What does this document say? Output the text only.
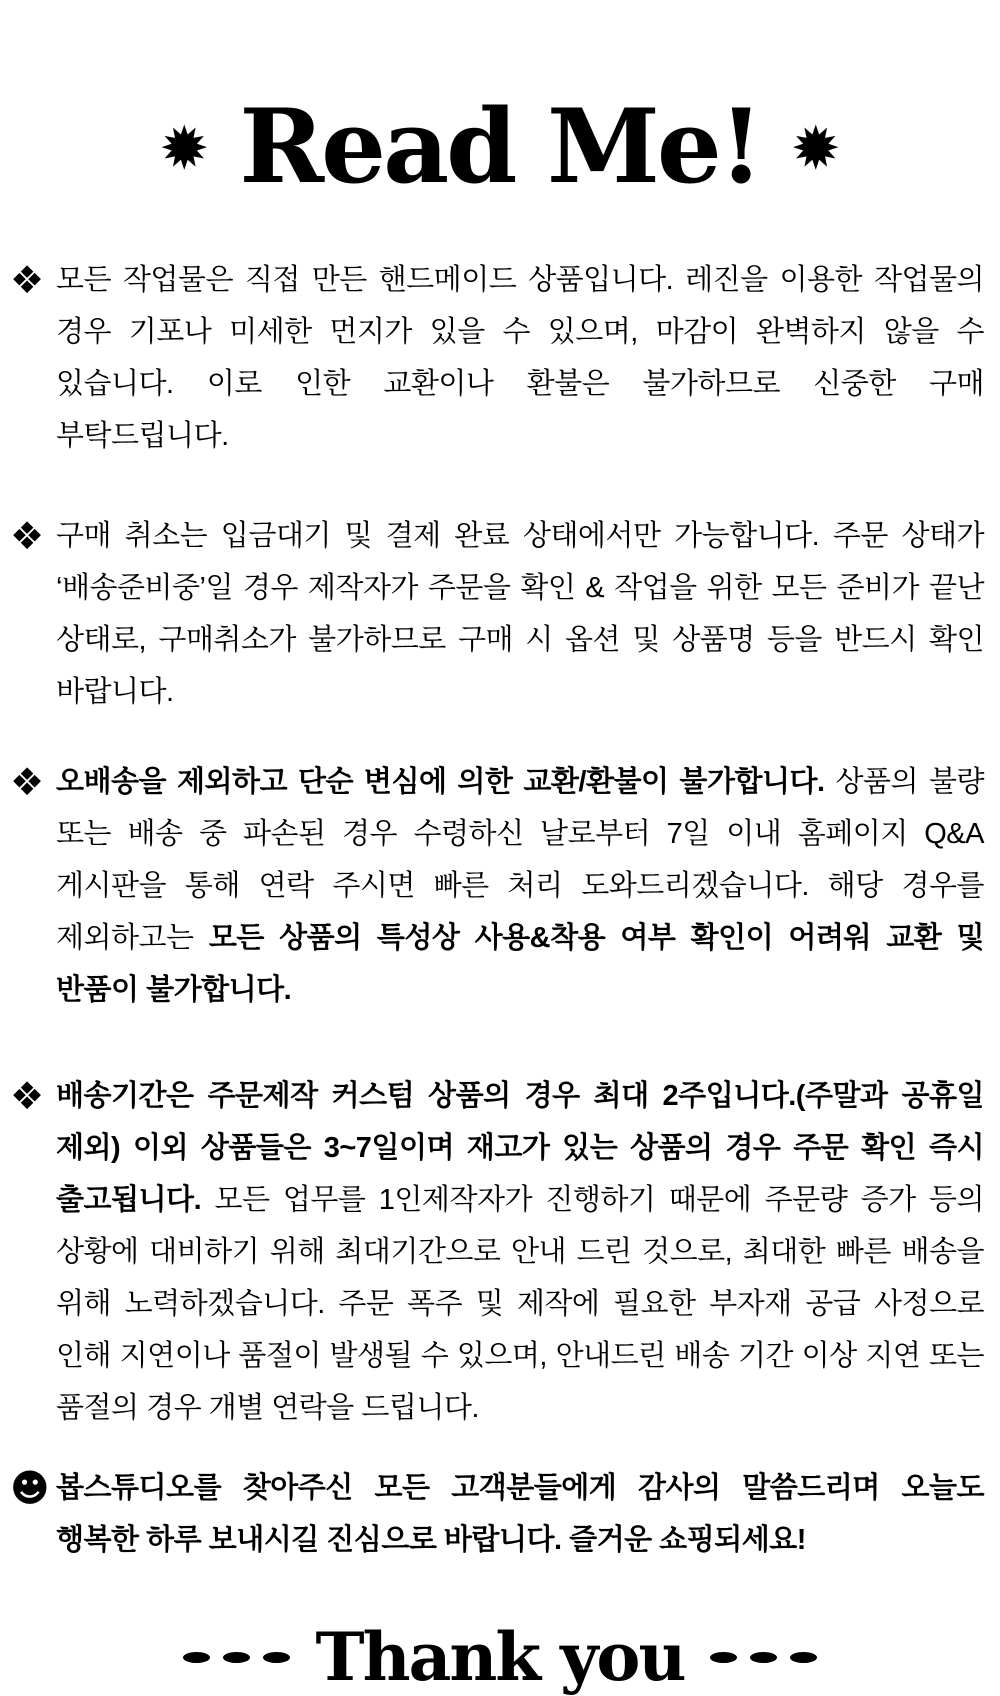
✹ Read Me! ✹
❖ 모든 작업물은 직접 만든 핸드메이드 상품입니다. 레진을 이용한 작업물의 경우 기포나 미세한 먼지가 있을 수 있으며, 마감이 완벽하지 않을 수 있습니다. 이로 인한 교환이나 환불은 불가하므로 신중한 구매 부탁드립니다.

❖ 구매 취소는 입금대기 및 결제 완료 상태에서만 가능합니다. 주문 상태가 ‘배송준비중’일 경우 제작자가 주문을 확인 & 작업을 위한 모든 준비가 끝난 상태로, 구매취소가 불가하므로 구매 시 옵션 및 상품명 등을 반드시 확인 바랍니다.

❖ 오배송을 제외하고 단순 변심에 의한 교환/환불이 불가합니다. 상품의 불량 또는 배송 중 파손된 경우 수령하신 날로부터 7일 이내 홈페이지 Q&A 게시판을 통해 연락 주시면 빠른 처리 도와드리겠습니다. 해당 경우를 제외하고는 모든 상품의 특성상 사용&착용 여부 확인이 어려워 교환 및 반품이 불가합니다.

❖ 배송기간은 주문제작 커스텀 상품의 경우 최대 2주입니다.(주말과 공휴일 제외) 이외 상품들은 3~7일이며 재고가 있는 상품의 경우 주문 확인 즉시 출고됩니다. 모든 업무를 1인제작자가 진행하기 때문에 주문량 증가 등의 상황에 대비하기 위해 최대기간으로 안내 드린 것으로, 최대한 빠른 배송을 위해 노력하겠습니다. 주문 폭주 및 제작에 필요한 부자재 공급 사정으로 인해 지연이나 품절이 발생될 수 있으며, 안내드린 배송 기간 이상 지연 또는 품절의 경우 개별 연락을 드립니다.

☻ 봅스튜디오를 찾아주신 모든 고객분들에게 감사의 말씀드리며 오늘도 행복한 하루 보내시길 진심으로 바랍니다. 즐거운 쇼핑되세요!

Thank you
